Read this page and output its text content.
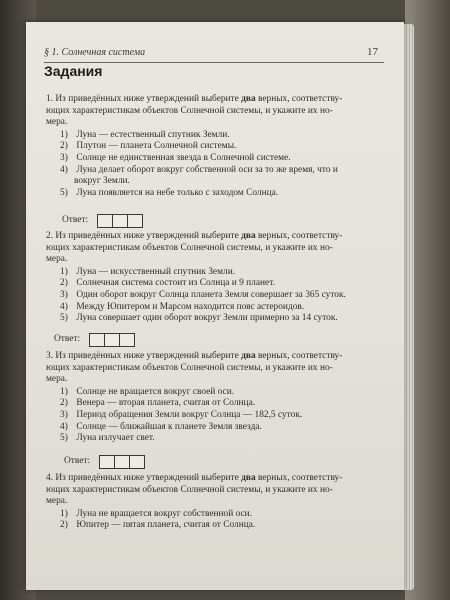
§ 1. Солнечная система	17
Задания
1. Из приведённых ниже утверждений выберите два верных, соответству-
ющих характеристикам объектов Солнечной системы, и укажите их но-
мера.
1) Луна — естественный спутник Земли.
2) Плутон — планета Солнечной системы.
3) Солнце не единственная звезда в Солнечной системе.
4) Луна делает оборот вокруг собственной оси за то же время, что и
вокруг Земли.
5) Луна появляется на небе только с заходом Солнца.
Ответ:
2. Из приведённых ниже утверждений выберите два верных, соответству-
ющих характеристикам объектов Солнечной системы, и укажите их но-
мера.
1) Луна — искусственный спутник Земли.
2) Солнечная система состоит из Солнца и 9 планет.
3) Один оборот вокруг Солнца планета Земля совершает за 365 суток.
4) Между Юпитером и Марсом находится пояс астероидов.
5) Луна совершает один оборот вокруг Земли примерно за 14 суток.
Ответ:
3. Из приведённых ниже утверждений выберите два верных, соответству-
ющих характеристикам объектов Солнечной системы, и укажите их но-
мера.
1) Солнце не вращается вокруг своей оси.
2) Венера — вторая планета, считая от Солнца.
3) Период обращения Земли вокруг Солнца — 182,5 суток.
4) Солнце — ближайшая к планете Земля звезда.
5) Луна излучает свет.
Ответ:
4. Из приведённых ниже утверждений выберите два верных, соответству-
ющих характеристикам объектов Солнечной системы, и укажите их но-
мера.
1) Луна не вращается вокруг собственной оси.
2) Юпитер — пятая планета, считая от Солнца.
